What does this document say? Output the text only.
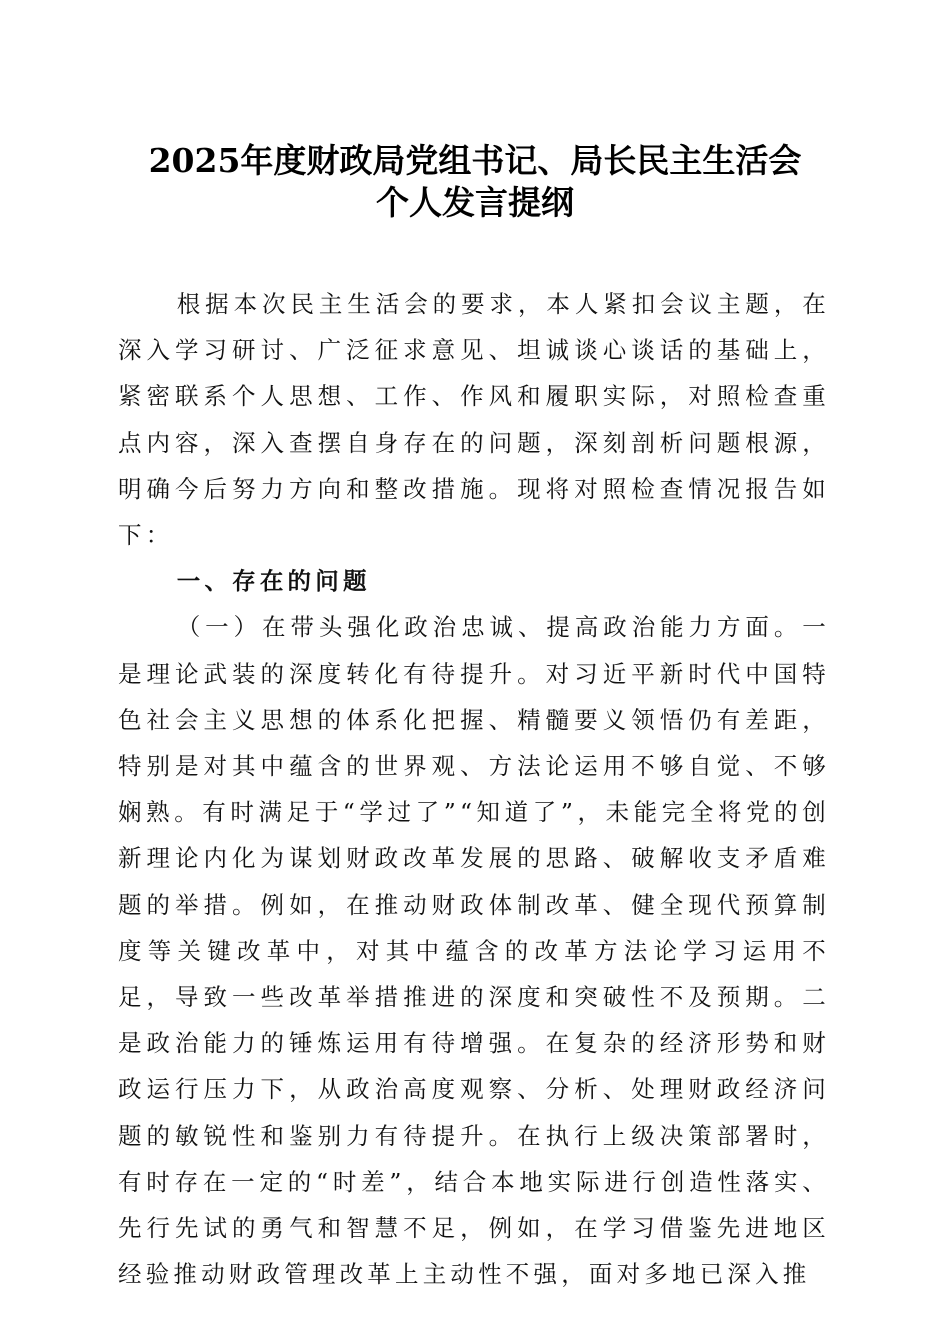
2025年度财政局党组书记、局长民主生活会
个人发言提纲

根据本次民主生活会的要求，本人紧扣会议主题，在深入学习研讨、广泛征求意见、坦诚谈心谈话的基础上，紧密联系个人思想、工作、作风和履职实际，对照检查重点内容，深入查摆自身存在的问题，深刻剖析问题根源，明确今后努力方向和整改措施。现将对照检查情况报告如下：

一、存在的问题

（一）在带头强化政治忠诚、提高政治能力方面。一是理论武装的深度转化有待提升。对习近平新时代中国特色社会主义思想的体系化把握、精髓要义领悟仍有差距，特别是对其中蕴含的世界观、方法论运用不够自觉、不够娴熟。有时满足于“学过了”“知道了”，未能完全将党的创新理论内化为谋划财政改革发展的思路、破解收支矛盾难题的举措。例如，在推动财政体制改革、健全现代预算制度等关键改革中，对其中蕴含的改革方法论学习运用不足，导致一些改革举措推进的深度和突破性不及预期。二是政治能力的锤炼运用有待增强。在复杂的经济形势和财政运行压力下，从政治高度观察、分析、处理财政经济问题的敏锐性和鉴别力有待提升。在执行上级决策部署时，有时存在一定的“时差”，结合本地实际进行创造性落实、先行先试的勇气和智慧不足，例如，在学习借鉴先进地区经验推动财政管理改革上主动性不强，面对多地已深入推
